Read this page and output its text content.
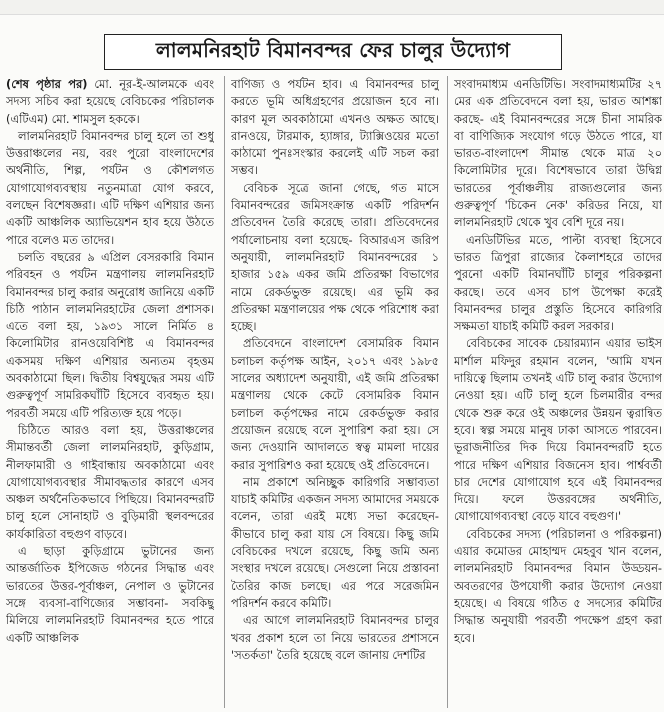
লালমনিরহাট বিমানবন্দর ফের চালুর উদ্যোগ

(শেষ পৃষ্ঠার পর) মো. নূর-ই-আলমকে এবং সদস্য সচিব করা হয়েছে বেবিচকের পরিচালক (এটিএম) মো. শামসুল হককে।

লালমনিরহাট বিমানবন্দর চালু হলে তা শুধু উত্তরাঞ্চলের নয়, বরং পুরো বাংলাদেশের অর্থনীতি, শিল্প, পর্যটন ও কৌশলগত যোগাযোগব্যবস্থায় নতুনমাত্রা যোগ করবে, বলছেন বিশেষজ্ঞরা। এটি দক্ষিণ এশিয়ার জন্য একটি আঞ্চলিক অ্যাভিয়েশন হাব হয়ে উঠতে পারে বলেও মত তাদের।

চলতি বছরের ৯ এপ্রিল বেসরকারি বিমান পরিবহন ও পর্যটন মন্ত্রণালয় লালমনিরহাট বিমানবন্দর চালু করার অনুরোধ জানিয়ে একটি চিঠি পাঠান লালমনিরহাটের জেলা প্রশাসক। এতে বলা হয়, ১৯৩১ সালে নির্মিত ৪ কিলোমিটার রানওয়েবিশিষ্ট এ বিমানবন্দর একসময় দক্ষিণ এশিয়ার অন্যতম বৃহত্তম অবকাঠামো ছিল। দ্বিতীয় বিশ্বযুদ্ধের সময় এটি গুরুত্বপূর্ণ সামরিকঘাঁটি হিসেবে ব্যবহৃত হয়। পরবর্তী সময়ে এটি পরিত্যক্ত হয়ে পড়ে।

চিঠিতে আরও বলা হয়, উত্তরাঞ্চলের সীমান্তবর্তী জেলা লালমনিরহাট, কুড়িগ্রাম, নীলফামারী ও গাইবান্ধায় অবকাঠামো এবং যোগাযোগব্যবস্থার সীমাবদ্ধতার কারণে এসব অঞ্চল অর্থনৈতিকভাবে পিছিয়ে। বিমানবন্দরটি চালু হলে সোনাহাট ও বুড়িমারী স্থলবন্দরের কার্যকারিতা বহুগুণ বাড়বে।

এ ছাড়া কুড়িগ্রামে ভুটানের জন্য আন্তর্জাতিক ইপিজেড গঠনের সিদ্ধান্ত এবং ভারতের উত্তর-পূর্বাঞ্চল, নেপাল ও ভুটানের সঙ্গে ব্যবসা-বাণিজ্যের সম্ভাবনা- সবকিছু মিলিয়ে লালমনিরহাট বিমানবন্দর হতে পারে একটি আঞ্চলিক

বাণিজ্য ও পর্যটন হাব। এ বিমানবন্দর চালু করতে ভূমি অধিগ্রহণের প্রয়োজন হবে না। কারণ মূল অবকাঠামো এখনও অক্ষত আছে। রানওয়ে, টারমাক, হ্যাঙ্গার, ট্যাক্সিওয়ের মতো কাঠামো পুনঃসংস্কার করলেই এটি সচল করা সম্ভব।

বেবিচক সূত্রে জানা গেছে, গত মাসে বিমানবন্দরের জমিসংক্রান্ত একটি পরিদর্শন প্রতিবেদন তৈরি করেছে তারা। প্রতিবেদনের পর্যালোচনায় বলা হয়েছে- বিআরএস জরিপ অনুযায়ী, লালমনিরহাট বিমানবন্দরের ১ হাজার ১৫৯ একর জমি প্রতিরক্ষা বিভাগের নামে রেকর্ডভুক্ত রয়েছে। এর ভূমি কর প্রতিরক্ষা মন্ত্রণালয়ের পক্ষ থেকে পরিশোধ করা হচ্ছে।

প্রতিবেদনে বাংলাদেশ বেসামরিক বিমান চলাচল কর্তৃপক্ষ আইন, ২০১৭ এবং ১৯৮৫ সালের অধ্যাদেশ অনুযায়ী, এই জমি প্রতিরক্ষা মন্ত্রণালয় থেকে কেটে বেসামরিক বিমান চলাচল কর্তৃপক্ষের নামে রেকর্ডভুক্ত করার প্রয়োজন রয়েছে বলে সুপারিশ করা হয়। সে জন্য দেওয়ানি আদালতে স্বত্ব মামলা দায়ের করার সুপারিশও করা হয়েছে ওই প্রতিবেদনে।

নাম প্রকাশে অনিচ্ছুক কারিগরি সম্ভাব্যতা যাচাই কমিটির একজন সদস্য আমাদের সময়কে বলেন, তারা এরই মধ্যে সভা করেছেন- কীভাবে চালু করা যায় সে বিষয়ে। কিছু জমি বেবিচকের দখলে রয়েছে, কিছু জমি অন্য সংস্থার দখলে রয়েছে। সেগুলো নিয়ে প্রস্তাবনা তৈরির কাজ চলছে। এর পরে সরেজমিন পরিদর্শন করবে কমিটি।

এর আগে লালমনিরহাট বিমানবন্দর চালুর খবর প্রকাশ হলে তা নিয়ে ভারতের প্রশাসনে 'সতর্কতা' তৈরি হয়েছে বলে জানায় দেশটির

সংবাদমাধ্যম এনডিটিভি। সংবাদমাধ্যমটির ২৭ মের এক প্রতিবেদনে বলা হয়, ভারত আশঙ্কা করছে- এই বিমানবন্দরের সঙ্গে চীনা সামরিক বা বাণিজ্যিক সংযোগ গড়ে উঠতে পারে, যা ভারত-বাংলাদেশ সীমান্ত থেকে মাত্র ২০ কিলোমিটার দূরে। বিশেষভাবে তারা উদ্বিগ্ন ভারতের পূর্বাঞ্চলীয় রাজ্যগুলোর জন্য গুরুত্বপূর্ণ 'চিকেন নেক' করিডর নিয়ে, যা লালমনিরহাট থেকে খুব বেশি দূরে নয়।

এনডিটিভির মতে, পাল্টা ব্যবস্থা হিসেবে ভারত ত্রিপুরা রাজ্যের কৈলাশহরে তাদের পুরনো একটি বিমানঘাঁটি চালুর পরিকল্পনা করছে। তবে এসব চাপ উপেক্ষা করেই বিমানবন্দর চালুর প্রস্তুতি হিসেবে কারিগরি সক্ষমতা যাচাই কমিটি করল সরকার।

বেবিচকের সাবেক চেয়ারম্যান এয়ার ভাইস মার্শাল মফিদুর রহমান বলেন, 'আমি যখন দায়িত্বে ছিলাম তখনই এটি চালু করার উদ্যোগ নেওয়া হয়। এটি চালু হলে চিলমারীর বন্দর থেকে শুরু করে ওই অঞ্চলের উন্নয়ন ত্বরান্বিত হবে। স্বল্প সময়ে মানুষ ঢাকা আসতে পারবেন। ভূরাজনীতির দিক দিয়ে বিমানবন্দরটি হতে পারে দক্ষিণ এশিয়ার বিজনেস হাব। পার্শ্ববর্তী চার দেশের যোগাযোগ হবে এই বিমানবন্দর দিয়ে। ফলে উত্তরবঙ্গের অর্থনীতি, যোগাযোগব্যবস্থা বেড়ে যাবে বহুগুণ।'

বেবিচকের সদস্য (পরিচালনা ও পরিকল্পনা) এয়ার কমোডর মোহাম্মদ মেহবুব খান বলেন, লালমনিরহাট বিমানবন্দর বিমান উড্ডয়ন-অবতরণের উপযোগী করার উদ্যোগ নেওয়া হয়েছে। এ বিষয়ে গঠিত ৫ সদস্যের কমিটির সিদ্ধান্ত অনুযায়ী পরবর্তী পদক্ষেপ গ্রহণ করা হবে।
